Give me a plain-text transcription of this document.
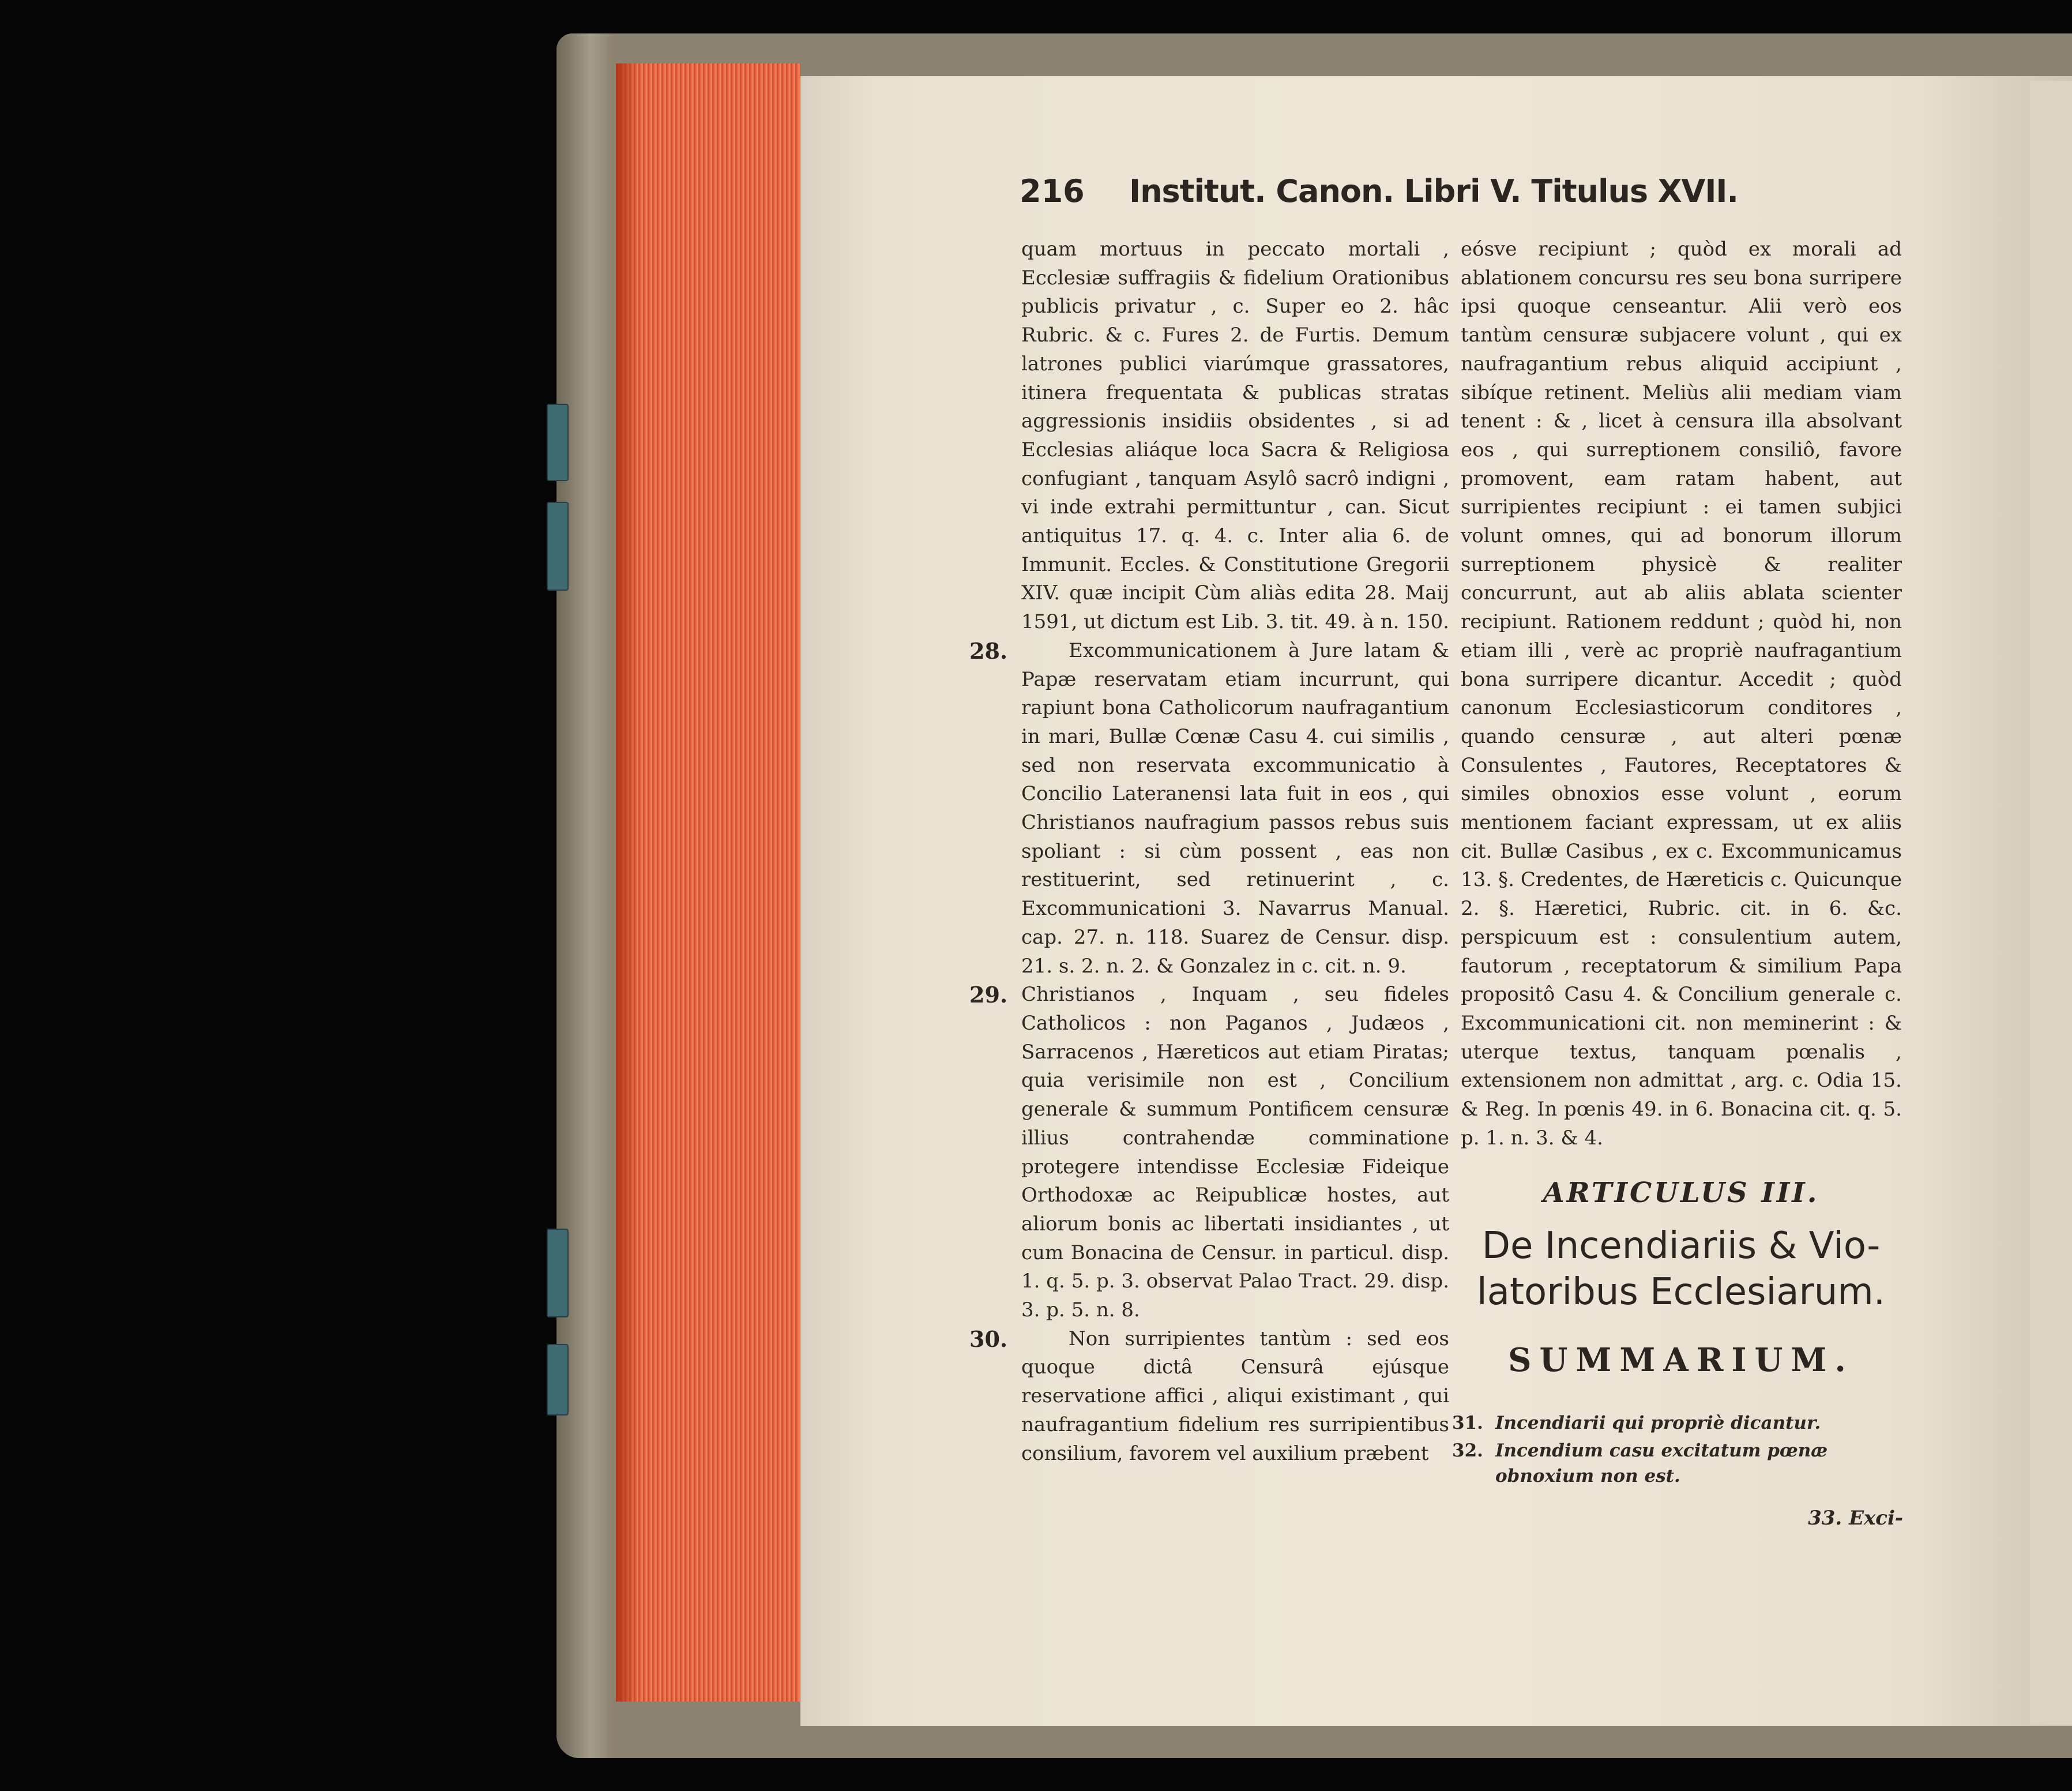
216 Institut. Canon. Libri V. Titulus XVII.

quam mortuus in peccato mortali , Ecclesiæ suffragiis & fidelium Orationibus publicis privatur , c. Super eo 2. hâc Rubric. & c. Fures 2. de Furtis. Demum latrones publici viarúmque grassatores, itinera frequentata & publicas stratas aggressionis insidiis obsidentes , si ad Ecclesias aliáque loca Sacra & Religiosa confugiant , tanquam Asylô sacrô indigni , vi inde extrahi permittuntur , can. Sicut antiquitus 17. q. 4. c. Inter alia 6. de Immunit. Eccles. & Constitutione Gregorii XIV. quæ incipit Cùm aliàs edita 28. Maij 1591, ut dictum est Lib. 3. tit. 49. à n. 150.

28.	Excommunicationem à Jure latam & Papæ reservatam etiam incurrunt, qui rapiunt bona Catholicorum naufragantium in mari, Bullæ Cœnæ Casu 4. cui similis , sed non reservata excommunicatio à Concilio Lateranensi lata fuit in eos , qui Christianos naufragium passos rebus suis spoliant : si cùm possent , eas non restituerint, sed retinuerint , c. Excommunicationi 3. Navarrus Manual. cap. 27. n. 118. Suarez de Censur. disp. 21. s. 2. n. 2. & Gonzalez in c. cit. n. 9.

29. Christianos , Inquam , seu fideles Catholicos : non Paganos , Judæos , Sarracenos , Hæreticos aut etiam Piratas; quia verisimile non est , Concilium generale & summum Pontificem censuræ illius contrahendæ comminatione protegere intendisse Ecclesiæ Fideique Orthodoxæ ac Reipublicæ hostes, aut aliorum bonis ac libertati insidiantes , ut cum Bonacina de Censur. in particul. disp. 1. q. 5. p. 3. observat Palao Tract. 29. disp. 3. p. 5. n. 8.

30.	Non surripientes tantùm : sed eos quoque dictâ Censurâ ejúsque reservatione affici , aliqui existimant , qui naufragantium fidelium res surripientibus consilium, favorem vel auxilium præbent

eósve recipiunt ; quòd ex morali ad ablationem concursu res seu bona surripere ipsi quoque censeantur. Alii verò eos tantùm censuræ subjacere volunt , qui ex naufragantium rebus aliquid accipiunt , sibíque retinent. Meliùs alii mediam viam tenent : & , licet à censura illa absolvant eos , qui surreptionem consiliô, favore promovent, eam ratam habent, aut surripientes recipiunt : ei tamen subjici volunt omnes, qui ad bonorum illorum surreptionem physicè & realiter concurrunt, aut ab aliis ablata scienter recipiunt. Rationem reddunt ; quòd hi, non etiam illi , verè ac propriè naufragantium bona surripere dicantur. Accedit ; quòd canonum Ecclesiasticorum conditores , quando censuræ , aut alteri pœnæ Consulentes , Fautores, Receptatores & similes obnoxios esse volunt , eorum mentionem faciant expressam, ut ex aliis cit. Bullæ Casibus , ex c. Excommunicamus 13. §. Credentes, de Hæreticis c. Quicunque 2. §. Hæretici, Rubric. cit. in 6. &c. perspicuum est : consulentium autem, fautorum , receptatorum & similium Papa propositô Casu 4. & Concilium generale c. Excommunicationi cit. non meminerint : & uterque textus, tanquam pœnalis , extensionem non admittat , arg. c. Odia 15. & Reg. In pœnis 49. in 6. Bonacina cit. q. 5. p. 1. n. 3. & 4.

ARTICULUS III.
De Incendiariis & Vio-
latoribus Ecclesiarum.
SUMMARIUM.
31. Incendiarii qui propriè dicantur.
32. Incendium casu excitatum pœnæ obnoxium non est.
33. Exci-
